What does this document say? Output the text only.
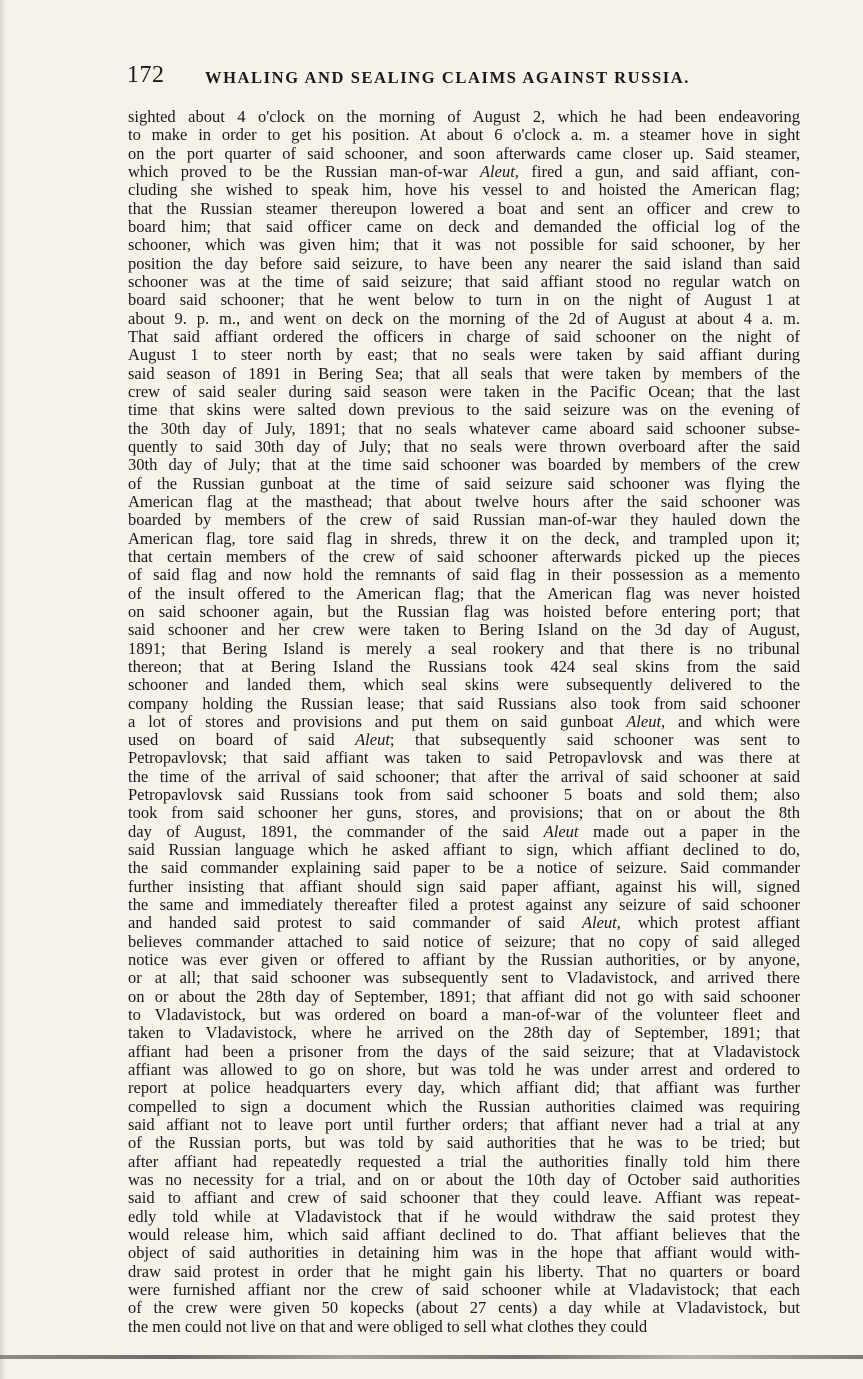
172 WHALING AND SEALING CLAIMS AGAINST RUSSIA.
sighted about 4 o'clock on the morning of August 2, which he had been endeavoring
to make in order to get his position. At about 6 o'clock a. m. a steamer hove in sight
on the port quarter of said schooner, and soon afterwards came closer up. Said steamer,
which proved to be the Russian man-of-war Aleut, fired a gun, and said affiant, con-
cluding she wished to speak him, hove his vessel to and hoisted the American flag;
that the Russian steamer thereupon lowered a boat and sent an officer and crew to
board him; that said officer came on deck and demanded the official log of the
schooner, which was given him; that it was not possible for said schooner, by her
position the day before said seizure, to have been any nearer the said island than said
schooner was at the time of said seizure; that said affiant stood no regular watch on
board said schooner; that he went below to turn in on the night of August 1 at
about 9. p. m., and went on deck on the morning of the 2d of August at about 4 a. m.
That said affiant ordered the officers in charge of said schooner on the night of
August 1 to steer north by east; that no seals were taken by said affiant during
said season of 1891 in Bering Sea; that all seals that were taken by members of the
crew of said sealer during said season were taken in the Pacific Ocean; that the last
time that skins were salted down previous to the said seizure was on the evening of
the 30th day of July, 1891; that no seals whatever came aboard said schooner subse-
quently to said 30th day of July; that no seals were thrown overboard after the said
30th day of July; that at the time said schooner was boarded by members of the crew
of the Russian gunboat at the time of said seizure said schooner was flying the
American flag at the masthead; that about twelve hours after the said schooner was
boarded by members of the crew of said Russian man-of-war they hauled down the
American flag, tore said flag in shreds, threw it on the deck, and trampled upon it;
that certain members of the crew of said schooner afterwards picked up the pieces
of said flag and now hold the remnants of said flag in their possession as a memento
of the insult offered to the American flag; that the American flag was never hoisted
on said schooner again, but the Russian flag was hoisted before entering port; that
said schooner and her crew were taken to Bering Island on the 3d day of August,
1891; that Bering Island is merely a seal rookery and that there is no tribunal
thereon; that at Bering Island the Russians took 424 seal skins from the said
schooner and landed them, which seal skins were subsequently delivered to the
company holding the Russian lease; that said Russians also took from said schooner
a lot of stores and provisions and put them on said gunboat Aleut, and which were
used on board of said Aleut; that subsequently said schooner was sent to
Petropavlovsk; that said affiant was taken to said Petropavlovsk and was there at
the time of the arrival of said schooner; that after the arrival of said schooner at said
Petropavlovsk said Russians took from said schooner 5 boats and sold them; also
took from said schooner her guns, stores, and provisions; that on or about the 8th
day of August, 1891, the commander of the said Aleut made out a paper in the
said Russian language which he asked affiant to sign, which affiant declined to do,
the said commander explaining said paper to be a notice of seizure. Said commander
further insisting that affiant should sign said paper affiant, against his will, signed
the same and immediately thereafter filed a protest against any seizure of said schooner
and handed said protest to said commander of said Aleut, which protest affiant
believes commander attached to said notice of seizure; that no copy of said alleged
notice was ever given or offered to affiant by the Russian authorities, or by anyone,
or at all; that said schooner was subsequently sent to Vladavistock, and arrived there
on or about the 28th day of September, 1891; that affiant did not go with said schooner
to Vladavistock, but was ordered on board a man-of-war of the volunteer fleet and
taken to Vladavistock, where he arrived on the 28th day of September, 1891; that
affiant had been a prisoner from the days of the said seizure; that at Vladavistock
affiant was allowed to go on shore, but was told he was under arrest and ordered to
report at police headquarters every day, which affiant did; that affiant was further
compelled to sign a document which the Russian authorities claimed was requiring
said affiant not to leave port until further orders; that affiant never had a trial at any
of the Russian ports, but was told by said authorities that he was to be tried; but
after affiant had repeatedly requested a trial the authorities finally told him there
was no necessity for a trial, and on or about the 10th day of October said authorities
said to affiant and crew of said schooner that they could leave. Affiant was repeat-
edly told while at Vladavistock that if he would withdraw the said protest they
would release him, which said affiant declined to do. That affiant believes that the
object of said authorities in detaining him was in the hope that affiant would with-
draw said protest in order that he might gain his liberty. That no quarters or board
were furnished affiant nor the crew of said schooner while at Vladavistock; that each
of the crew were given 50 kopecks (about 27 cents) a day while at Vladavistock, but
the men could not live on that and were obliged to sell what clothes they could
